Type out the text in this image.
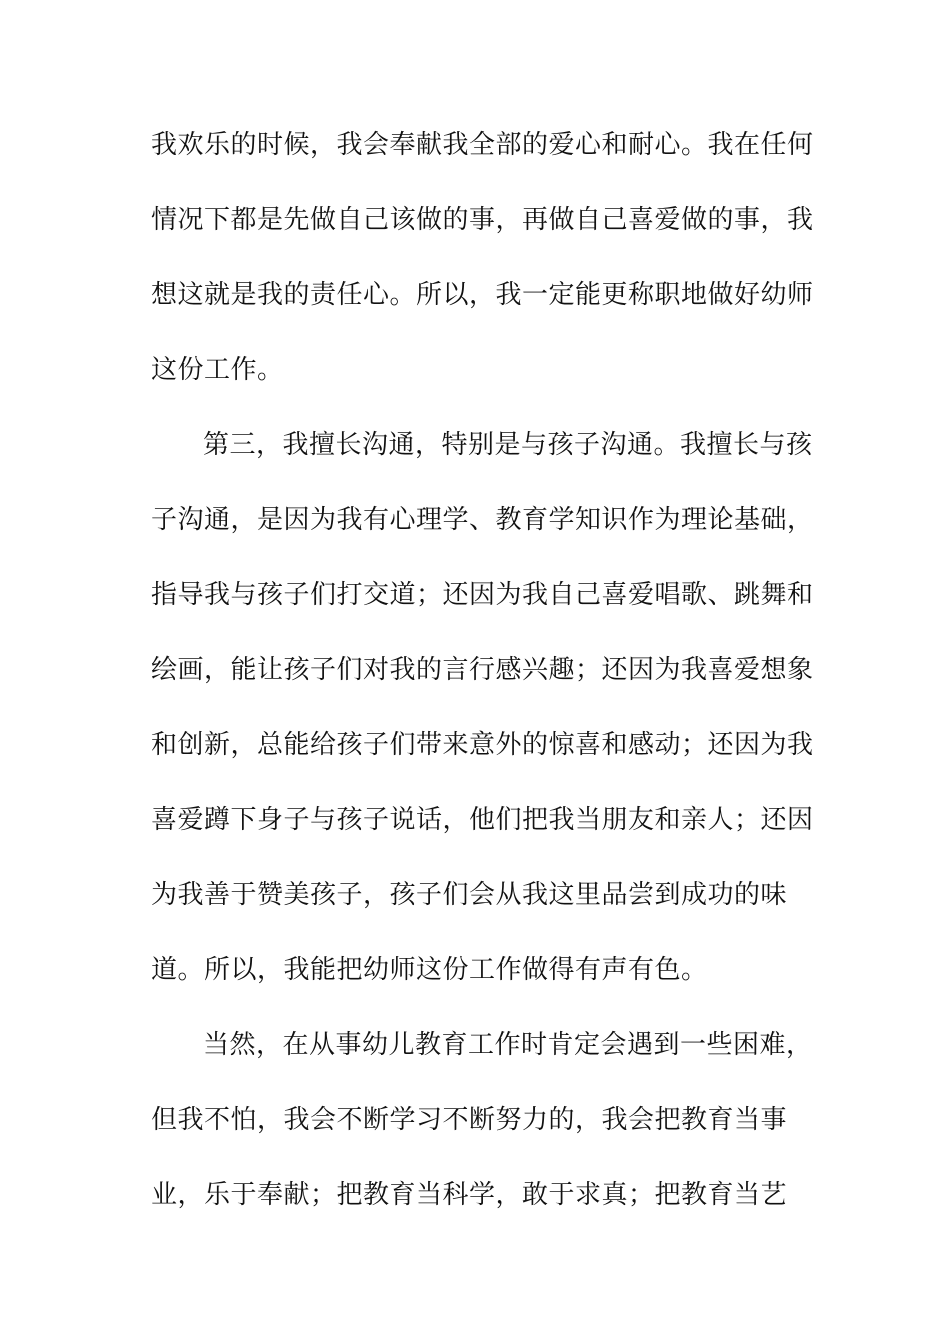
我欢乐的时候，我会奉献我全部的爱心和耐心。我在任何
情况下都是先做自己该做的事，再做自己喜爱做的事，我
想这就是我的责任心。所以，我一定能更称职地做好幼师
这份工作。
第三，我擅长沟通，特别是与孩子沟通。我擅长与孩
子沟通，是因为我有心理学、教育学知识作为理论基础，
指导我与孩子们打交道；还因为我自己喜爱唱歌、跳舞和
绘画，能让孩子们对我的言行感兴趣；还因为我喜爱想象
和创新，总能给孩子们带来意外的惊喜和感动；还因为我
喜爱蹲下身子与孩子说话，他们把我当朋友和亲人；还因
为我善于赞美孩子，孩子们会从我这里品尝到成功的味
道。所以，我能把幼师这份工作做得有声有色。
当然，在从事幼儿教育工作时肯定会遇到一些困难，
但我不怕，我会不断学习不断努力的，我会把教育当事
业，乐于奉献；把教育当科学，敢于求真；把教育当艺
